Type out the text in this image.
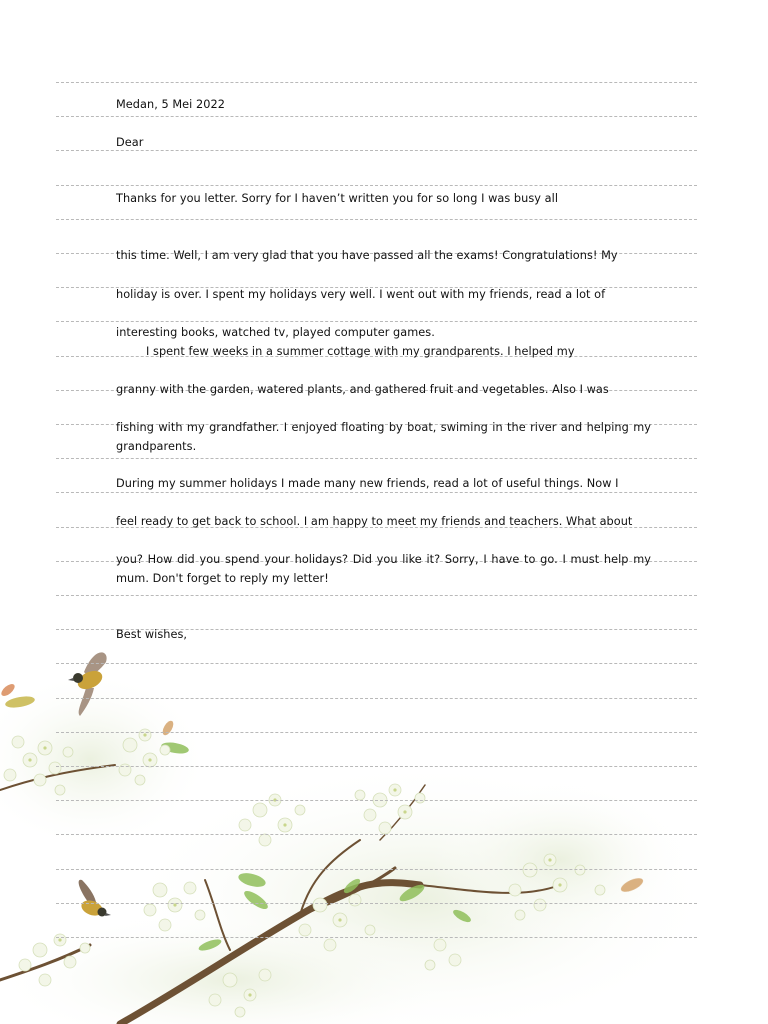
Medan, 5 Mei 2022
Dear
Thanks for you letter. Sorry for I haven’t written you for so long I was busy all
this time. Well, I am very glad that you have passed all the exams! Congratulations! My
holiday is over. I spent my holidays very well. I went out with my friends, read a lot of
interesting books, watched tv, played computer games.
I spent few weeks in a summer cottage with my grandparents. I helped my
granny with the garden, watered plants, and gathered fruit and vegetables. Also I was
fishing with my grandfather. I enjoyed floating by boat, swiming in the river and helping my grandparents.
During my summer holidays I made many new friends, read a lot of useful things. Now I
feel ready to get back to school. I am happy to meet my friends and teachers. What about
you? How did you spend your holidays? Did you like it? Sorry, I have to go. I must help my mum. Don't forget to reply my letter!
Best wishes,
